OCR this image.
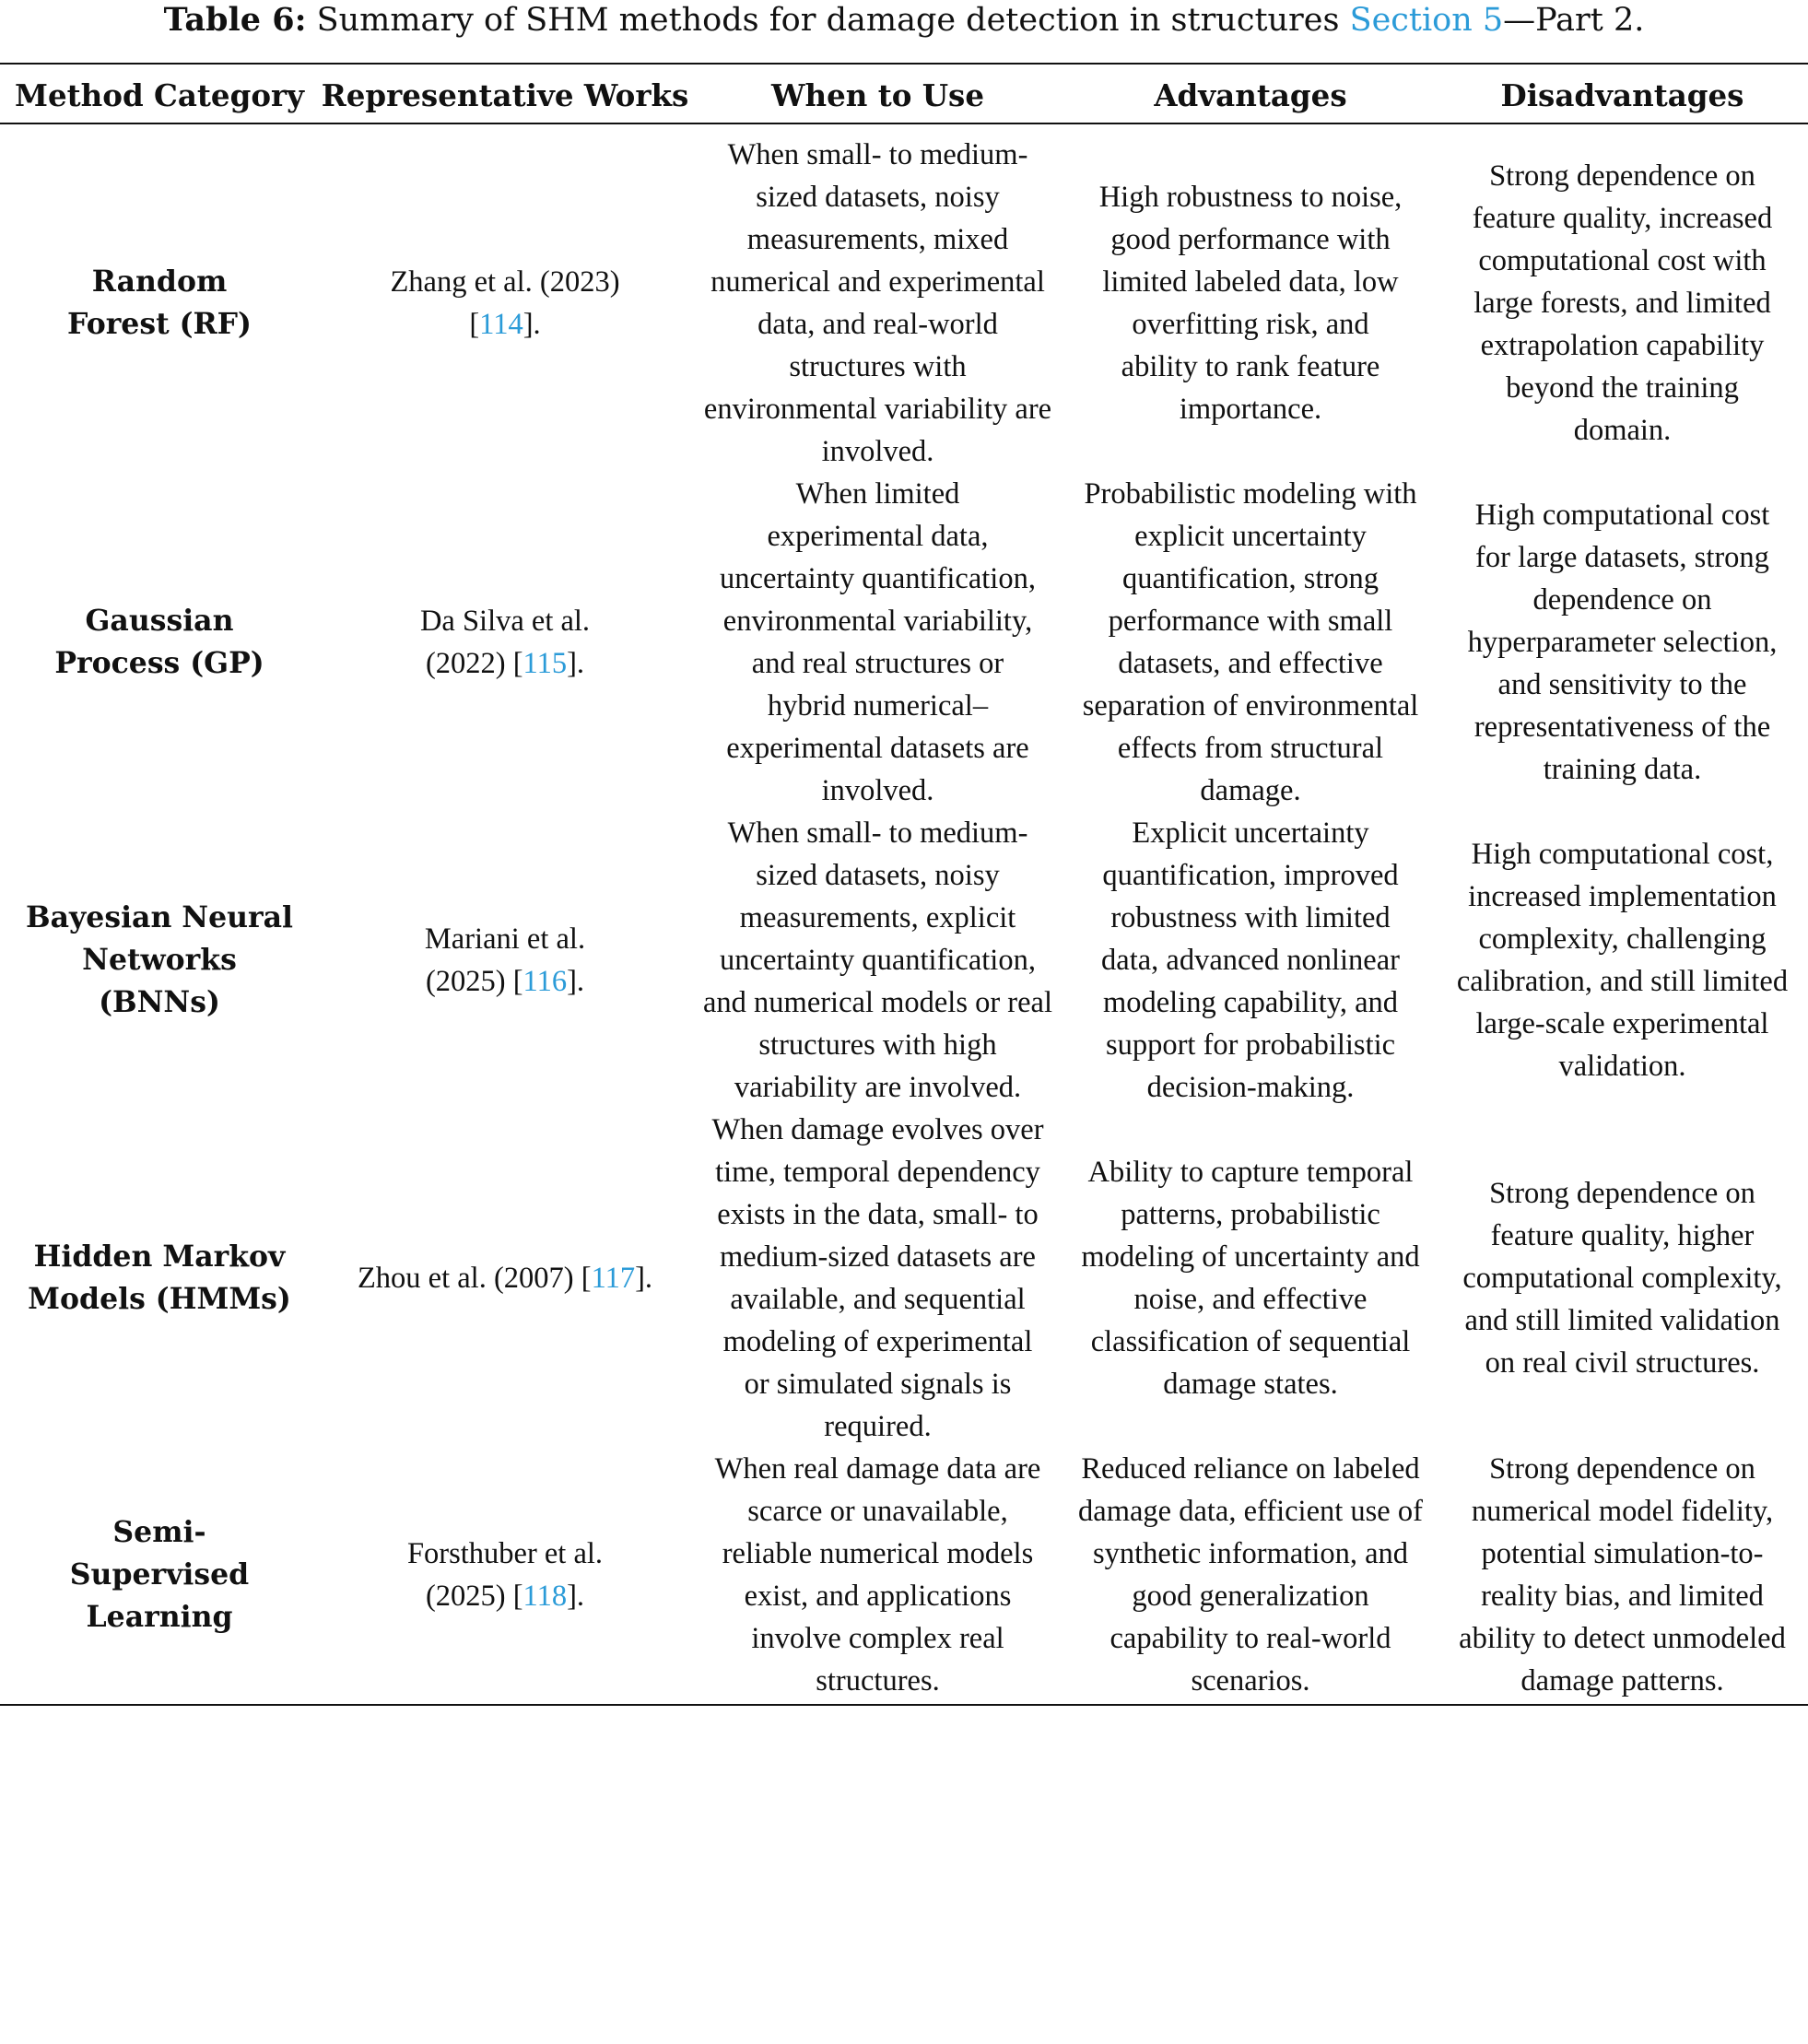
Table 6: Summary of SHM methods for damage detection in structures Section 5—Part 2.
Method Category	Representative Works	When to Use	Advantages	Disadvantages
Random Forest (RF)	Zhang et al. (2023) [114].	When small- to medium-sized datasets, noisy measurements, mixed numerical and experimental data, and real-world structures with environmental variability are involved.	High robustness to noise, good performance with limited labeled data, low overfitting risk, and ability to rank feature importance.	Strong dependence on feature quality, increased computational cost with large forests, and limited extrapolation capability beyond the training domain.
Gaussian Process (GP)	Da Silva et al. (2022) [115].	When limited experimental data, uncertainty quantification, environmental variability, and real structures or hybrid numerical–experimental datasets are involved.	Probabilistic modeling with explicit uncertainty quantification, strong performance with small datasets, and effective separation of environmental effects from structural damage.	High computational cost for large datasets, strong dependence on hyperparameter selection, and sensitivity to the representativeness of the training data.
Bayesian Neural Networks (BNNs)	Mariani et al. (2025) [116].	When small- to medium-sized datasets, noisy measurements, explicit uncertainty quantification, and numerical models or real structures with high variability are involved.	Explicit uncertainty quantification, improved robustness with limited data, advanced nonlinear modeling capability, and support for probabilistic decision-making.	High computational cost, increased implementation complexity, challenging calibration, and still limited large-scale experimental validation.
Hidden Markov Models (HMMs)	Zhou et al. (2007) [117].	When damage evolves over time, temporal dependency exists in the data, small- to medium-sized datasets are available, and sequential modeling of experimental or simulated signals is required.	Ability to capture temporal patterns, probabilistic modeling of uncertainty and noise, and effective classification of sequential damage states.	Strong dependence on feature quality, higher computational complexity, and still limited validation on real civil structures.
Semi-Supervised Learning	Forsthuber et al. (2025) [118].	When real damage data are scarce or unavailable, reliable numerical models exist, and applications involve complex real structures.	Reduced reliance on labeled damage data, efficient use of synthetic information, and good generalization capability to real-world scenarios.	Strong dependence on numerical model fidelity, potential simulation-to-reality bias, and limited ability to detect unmodeled damage patterns.
